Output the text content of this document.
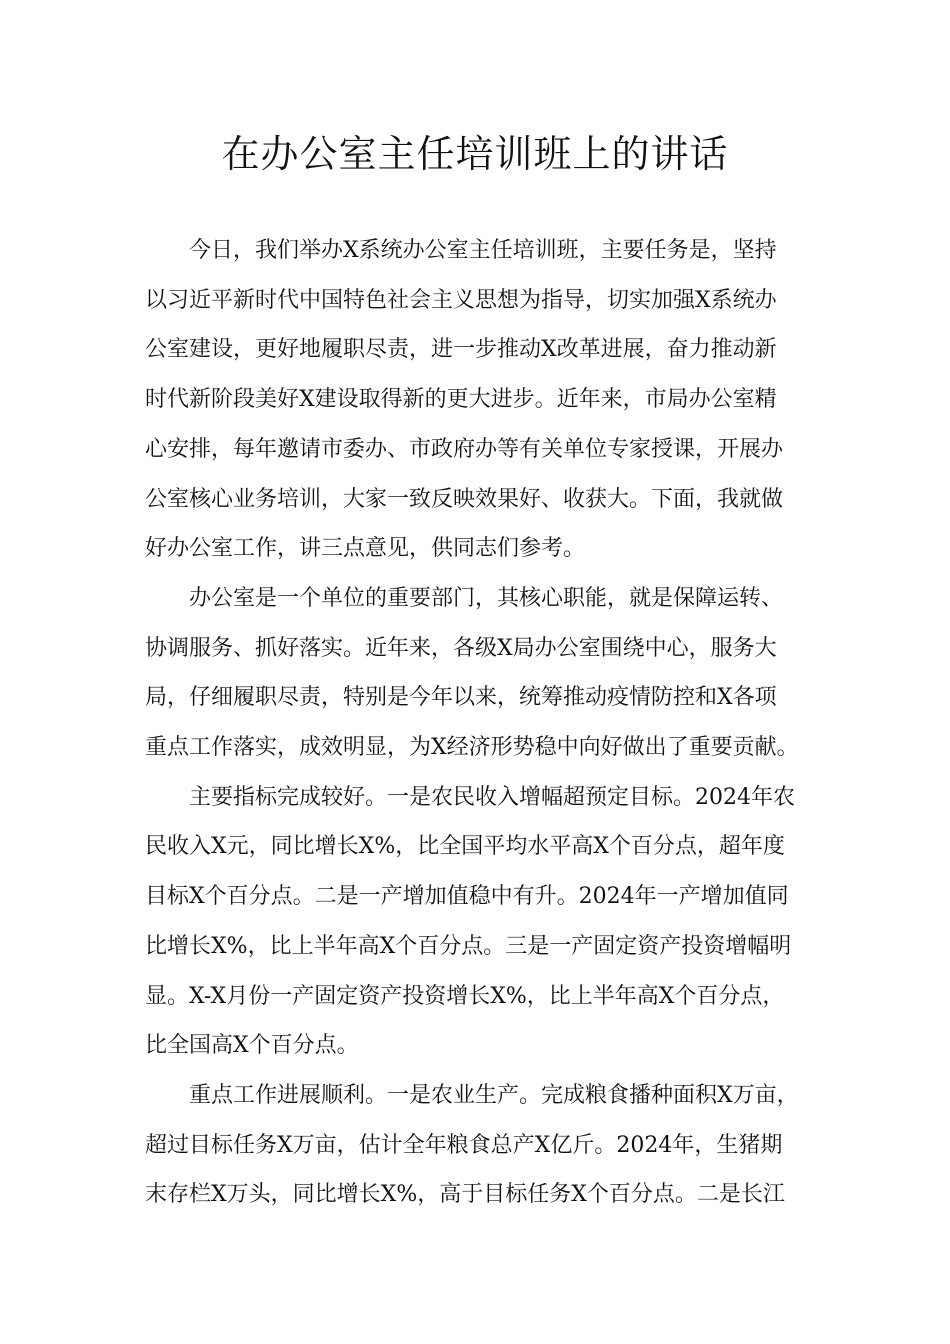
在办公室主任培训班上的讲话

今日，我们举办X系统办公室主任培训班，主要任务是，坚持
以习近平新时代中国特色社会主义思想为指导，切实加强X系统办
公室建设，更好地履职尽责，进一步推动X改革进展，奋力推动新
时代新阶段美好X建设取得新的更大进步。近年来，市局办公室精
心安排，每年邀请市委办、市政府办等有关单位专家授课，开展办
公室核心业务培训，大家一致反映效果好、收获大。下面，我就做
好办公室工作，讲三点意见，供同志们参考。

办公室是一个单位的重要部门，其核心职能，就是保障运转、
协调服务、抓好落实。近年来，各级X局办公室围绕中心，服务大
局，仔细履职尽责，特别是今年以来，统筹推动疫情防控和X各项
重点工作落实，成效明显，为X经济形势稳中向好做出了重要贡献。

主要指标完成较好。一是农民收入增幅超预定目标。2024年农
民收入X元，同比增长X%，比全国平均水平高X个百分点，超年度
目标X个百分点。二是一产增加值稳中有升。2024年一产增加值同
比增长X%，比上半年高X个百分点。三是一产固定资产投资增幅明
显。X-X月份一产固定资产投资增长X%，比上半年高X个百分点，
比全国高X个百分点。

重点工作进展顺利。一是农业生产。完成粮食播种面积X万亩，
超过目标任务X万亩，估计全年粮食总产X亿斤。2024年，生猪期
末存栏X万头，同比增长X%，高于目标任务X个百分点。二是长江
